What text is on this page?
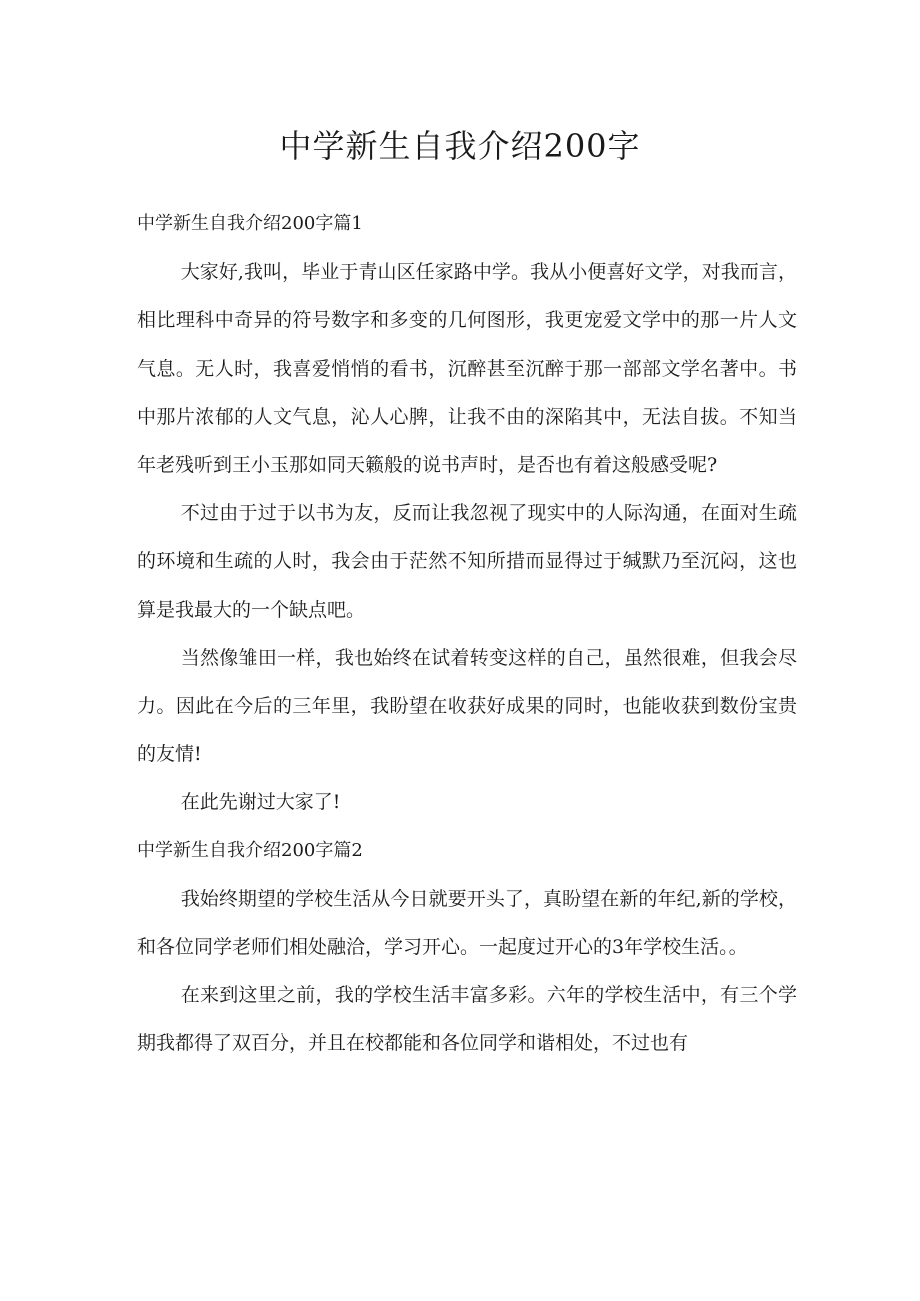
中学新生自我介绍200字

中学新生自我介绍200字篇1

大家好,我叫，毕业于青山区任家路中学。我从小便喜好文学，对我而言，相比理科中奇异的符号数字和多变的几何图形，我更宠爱文学中的那一片人文气息。无人时，我喜爱悄悄的看书，沉醉甚至沉醉于那一部部文学名著中。书中那片浓郁的人文气息，沁人心脾，让我不由的深陷其中，无法自拔。不知当年老残听到王小玉那如同天籁般的说书声时，是否也有着这般感受呢?

不过由于过于以书为友，反而让我忽视了现实中的人际沟通，在面对生疏的环境和生疏的人时，我会由于茫然不知所措而显得过于缄默乃至沉闷，这也算是我最大的一个缺点吧。

当然像雏田一样，我也始终在试着转变这样的自己，虽然很难，但我会尽力。因此在今后的三年里，我盼望在收获好成果的同时，也能收获到数份宝贵的友情!

在此先谢过大家了!

中学新生自我介绍200字篇2

我始终期望的学校生活从今日就要开头了，真盼望在新的年纪,新的学校，和各位同学老师们相处融洽，学习开心。一起度过开心的3年学校生活。。

在来到这里之前，我的学校生活丰富多彩。六年的学校生活中，有三个学期我都得了双百分，并且在校都能和各位同学和谐相处，不过也有
